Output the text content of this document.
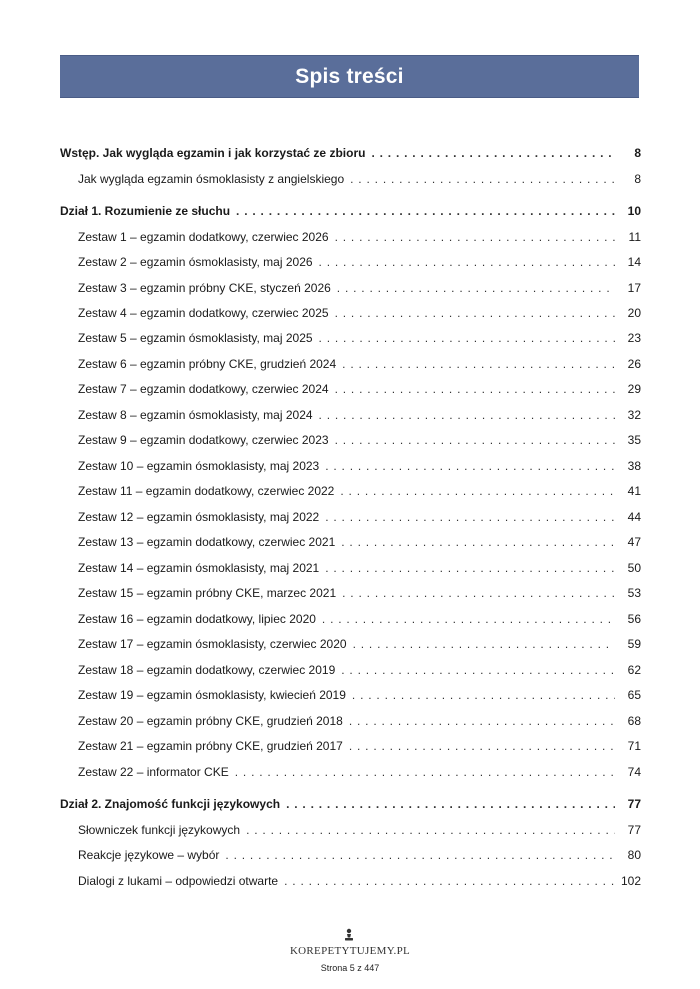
Spis treści
Wstęp. Jak wygląda egzamin i jak korzystać ze zbioru . . .	8
Jak wygląda egzamin ósmoklasisty z angielskiego . . .	8
Dział 1. Rozumienie ze słuchu . . .	10
Zestaw 1 – egzamin dodatkowy, czerwiec 2026 . . .	11
Zestaw 2 – egzamin ósmoklasisty, maj 2026 . . .	14
Zestaw 3 – egzamin próbny CKE, styczeń 2026 . . .	17
Zestaw 4 – egzamin dodatkowy, czerwiec 2025 . . .	20
Zestaw 5 – egzamin ósmoklasisty, maj 2025 . . .	23
Zestaw 6 – egzamin próbny CKE, grudzień 2024 . . .	26
Zestaw 7 – egzamin dodatkowy, czerwiec 2024 . . .	29
Zestaw 8 – egzamin ósmoklasisty, maj 2024 . . .	32
Zestaw 9 – egzamin dodatkowy, czerwiec 2023 . . .	35
Zestaw 10 – egzamin ósmoklasisty, maj 2023 . . .	38
Zestaw 11 – egzamin dodatkowy, czerwiec 2022 . . .	41
Zestaw 12 – egzamin ósmoklasisty, maj 2022 . . .	44
Zestaw 13 – egzamin dodatkowy, czerwiec 2021 . . .	47
Zestaw 14 – egzamin ósmoklasisty, maj 2021 . . .	50
Zestaw 15 – egzamin próbny CKE, marzec 2021 . . .	53
Zestaw 16 – egzamin dodatkowy, lipiec 2020 . . .	56
Zestaw 17 – egzamin ósmoklasisty, czerwiec 2020 . . .	59
Zestaw 18 – egzamin dodatkowy, czerwiec 2019 . . .	62
Zestaw 19 – egzamin ósmoklasisty, kwiecień 2019 . . .	65
Zestaw 20 – egzamin próbny CKE, grudzień 2018 . . .	68
Zestaw 21 – egzamin próbny CKE, grudzień 2017 . . .	71
Zestaw 22 – informator CKE . . .	74
Dział 2. Znajomość funkcji językowych . . .	77
Słowniczek funkcji językowych . . .	77
Reakcje językowe – wybór . . .	80
Dialogi z lukami – odpowiedzi otwarte . . .	102
KOREPETYTUJEMY.PL
Strona 5 z 447
